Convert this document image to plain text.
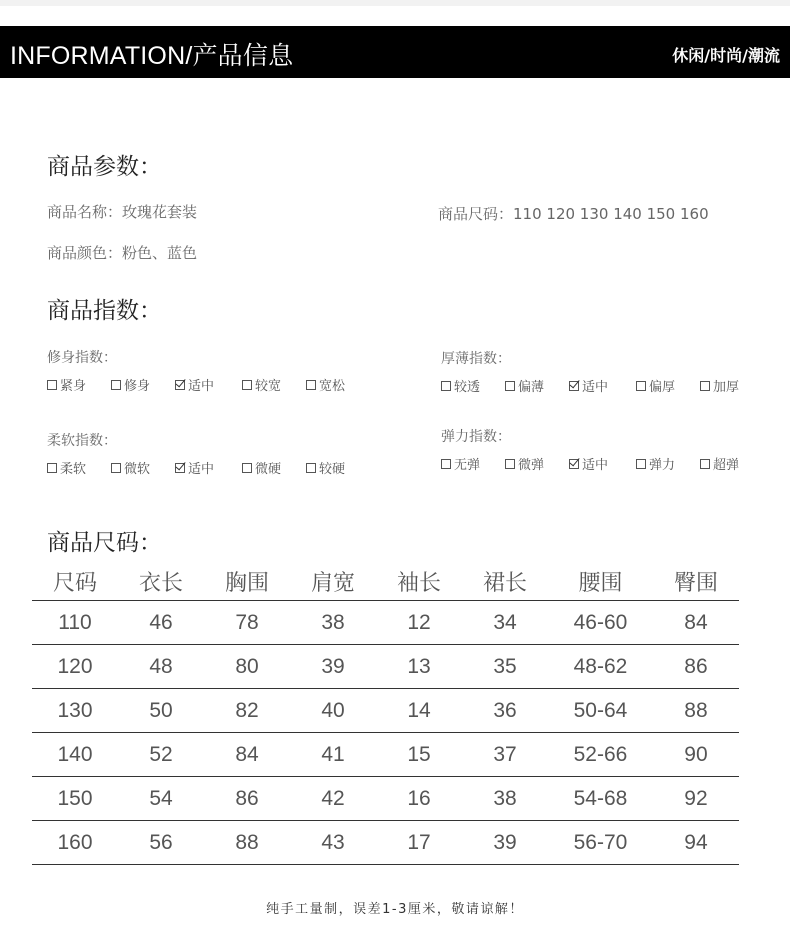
INFORMATION/产品信息	休闲/时尚/潮流
商品参数：
商品名称：玫瑰花套装	商品尺码：110 120 130 140 150 160
商品颜色：粉色、蓝色
商品指数：
修身指数：
紧身	修身	适中	较宽	宽松
厚薄指数：
较透	偏薄	适中	偏厚	加厚
柔软指数：
柔软	微软	适中	微硬	较硬
弹力指数：
无弹	微弹	适中	弹力	超弹
商品尺码：
尺码	衣长	胸围	肩宽	袖长	裙长	腰围	臀围
110	46	78	38	12	34	46-60	84
120	48	80	39	13	35	48-62	86
130	50	82	40	14	36	50-64	88
140	52	84	41	15	37	52-66	90
150	54	86	42	16	38	54-68	92
160	56	88	43	17	39	56-70	94
纯手工量制，误差1-3厘米，敬请谅解！
